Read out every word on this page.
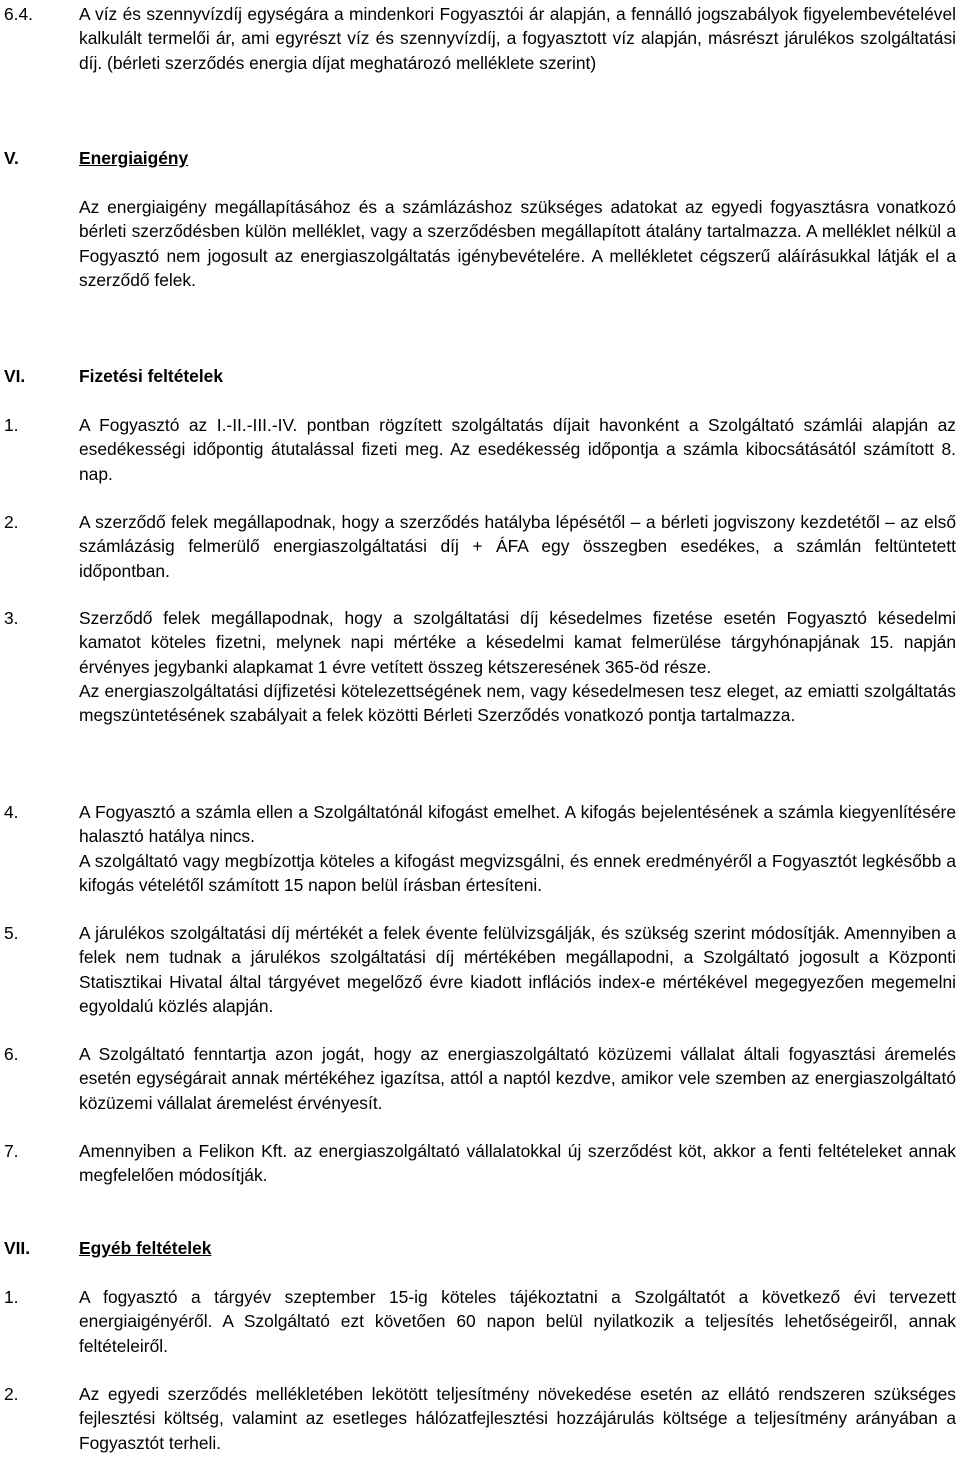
6.4.	A víz és szennyvízdíj egységára a mindenkori Fogyasztói ár alapján, a fennálló jogszabályok figyelembevételével kalkulált termelői ár, ami egyrészt víz és szennyvízdíj, a fogyasztott víz alapján, másrészt járulékos szolgáltatási díj. (bérleti szerződés energia díjat meghatározó melléklete szerint)
V.	Energiaigény
Az energiaigény megállapításához és a számlázáshoz szükséges adatokat az egyedi fogyasztásra vonatkozó bérleti szerződésben külön melléklet, vagy a szerződésben megállapított átalány tartalmazza. A melléklet nélkül a Fogyasztó nem jogosult az energiaszolgáltatás igénybevételére. A mellékletet cégszerű aláírásukkal látják el a szerződő felek.
VI.	Fizetési feltételek
1.	A Fogyasztó az I.-II.-III.-IV. pontban rögzített szolgáltatás díjait havonként a Szolgáltató számlái alapján az esedékességi időpontig átutalással fizeti meg. Az esedékesség időpontja a számla kibocsátásától számított 8. nap.

2.	A szerződő felek megállapodnak, hogy a szerződés hatályba lépésétől – a bérleti jogviszony kezdetétől – az első számlázásig felmerülő energiaszolgáltatási díj + ÁFA egy összegben esedékes, a számlán feltüntetett időpontban.

3.	Szerződő felek megállapodnak, hogy a szolgáltatási díj késedelmes fizetése esetén Fogyasztó késedelmi kamatot köteles fizetni, melynek napi mértéke a késedelmi kamat felmerülése tárgyhónapjának 15. napján érvényes jegybanki alapkamat 1 évre vetített összeg kétszeresének 365-öd része.

Az energiaszolgáltatási díjfizetési kötelezettségének nem, vagy késedelmesen tesz eleget, az emiatti szolgáltatás megszüntetésének szabályait a felek közötti Bérleti Szerződés vonatkozó pontja tartalmazza.

4.	A Fogyasztó a számla ellen a Szolgáltatónál kifogást emelhet. A kifogás bejelentésének a számla kiegyenlítésére halasztó hatálya nincs.

A szolgáltató vagy megbízottja köteles a kifogást megvizsgálni, és ennek eredményéről a Fogyasztót legkésőbb a kifogás vételétől számított 15 napon belül írásban értesíteni.

5.	A járulékos szolgáltatási díj mértékét a felek évente felülvizsgálják, és szükség szerint módosítják. Amennyiben a felek nem tudnak a járulékos szolgáltatási díj mértékében megállapodni, a Szolgáltató jogosult a Központi Statisztikai Hivatal által tárgyévet megelőző évre kiadott inflációs index-e mértékével megegyezően megemelni egyoldalú közlés alapján.

6.	A Szolgáltató fenntartja azon jogát, hogy az energiaszolgáltató közüzemi vállalat általi fogyasztási áremelés esetén egységárait annak mértékéhez igazítsa, attól a naptól kezdve, amikor vele szemben az energiaszolgáltató közüzemi vállalat áremelést érvényesít.

7.	Amennyiben a Felikon Kft. az energiaszolgáltató vállalatokkal új szerződést köt, akkor a fenti feltételeket annak megfelelően módosítják.

VII.	Egyéb feltételek
1.	A fogyasztó a tárgyév szeptember 15-ig köteles tájékoztatni a Szolgáltatót a következő évi tervezett energiaigényéről. A Szolgáltató ezt követően 60 napon belül nyilatkozik a teljesítés lehetőségeiről, annak feltételeiről.

2.	Az egyedi szerződés mellékletében lekötött teljesítmény növekedése esetén az ellátó rendszeren szükséges fejlesztési költség, valamint az esetleges hálózatfejlesztési hozzájárulás költsége a teljesítmény arányában a Fogyasztót terheli.
